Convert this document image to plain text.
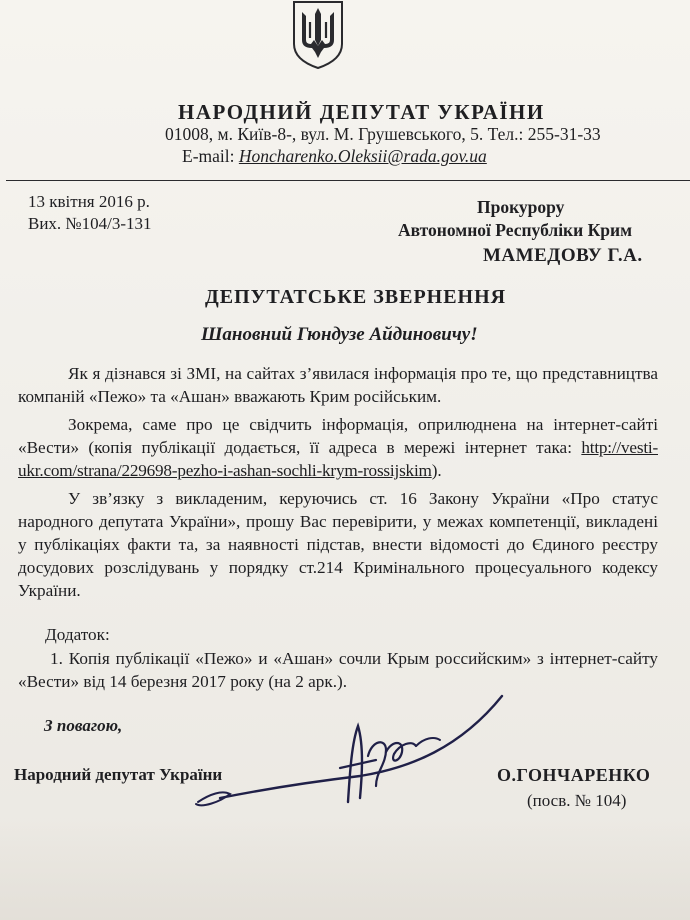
НАРОДНИЙ ДЕПУТАТ УКРАЇНИ
01008, м. Київ-8-, вул. М. Грушевського, 5. Тел.: 255-31-33
E-mail: Honcharenko.Oleksii@rada.gov.ua
13 квітня 2016 р.
Вих. №104/3-131
Прокурору
Автономної Республіки Крим
МАМЕДОВУ Г.А.
ДЕПУТАТСЬКЕ ЗВЕРНЕННЯ
Шановний Гюндузе Айдиновичу!

Як я дізнався зі ЗМІ, на сайтах з’явилася інформація про те, що представництва компаній «Пежо» та «Ашан» вважають Крим російським.

Зокрема, саме про це свідчить інформація, оприлюднена на інтернет-сайті «Вести» (копія публікації додається, її адреса в мережі інтернет така: http://vesti-ukr.com/strana/229698-pezho-i-ashan-sochli-krym-rossijskim).

У зв’язку з викладеним, керуючись ст. 16 Закону України «Про статус народного депутата України», прошу Вас перевірити, у межах компетенції, викладені у публікаціях факти та, за наявності підстав, внести відомості до Єдиного реєстру досудових розслідувань у порядку ст.214 Кримінального процесуального кодексу України.

Додаток:
1. Копія публікації «Пежо» и «Ашан» сочли Крым российским» з інтернет-сайту «Вести» від 14 березня 2017 року (на 2 арк.).
З повагою,
Народний депутат України	О.ГОНЧАРЕНКО
(посв. № 104)
